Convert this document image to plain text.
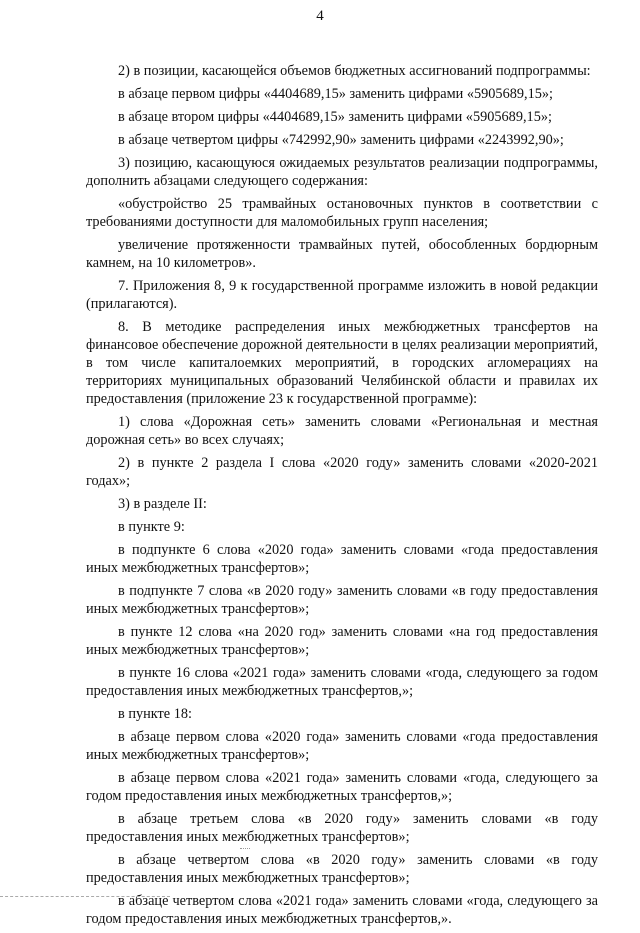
4

2) в позиции, касающейся объемов бюджетных ассигнований подпрограммы:

в абзаце первом цифры «4404689,15» заменить цифрами «5905689,15»;

в абзаце втором цифры «4404689,15» заменить цифрами «5905689,15»;

в абзаце четвертом цифры «742992,90» заменить цифрами «2243992,90»;

3) позицию, касающуюся ожидаемых результатов реализации подпрограммы, дополнить абзацами следующего содержания:

«обустройство 25 трамвайных остановочных пунктов в соответствии с требованиями доступности для маломобильных групп населения;

увеличение протяженности трамвайных путей, обособленных бордюрным камнем, на 10 километров».

7. Приложения 8, 9 к государственной программе изложить в новой редакции (прилагаются).

8. В методике распределения иных межбюджетных трансфертов на финансовое обеспечение дорожной деятельности в целях реализации мероприятий, в том числе капиталоемких мероприятий, в городских агломерациях на территориях муниципальных образований Челябинской области и правилах их предоставления (приложение 23 к государственной программе):

1) слова «Дорожная сеть» заменить словами «Региональная и местная дорожная сеть» во всех случаях;

2) в пункте 2 раздела I слова «2020 году» заменить словами «2020-2021 годах»;

3) в разделе II:

в пункте 9:

в подпункте 6 слова «2020 года» заменить словами «года предоставления иных межбюджетных трансфертов»;

в подпункте 7 слова «в 2020 году» заменить словами «в году предоставления иных межбюджетных трансфертов»;

в пункте 12 слова «на 2020 год» заменить словами «на год предоставления иных межбюджетных трансфертов»;

в пункте 16 слова «2021 года» заменить словами «года, следующего за годом предоставления иных межбюджетных трансфертов,»;

в пункте 18:

в абзаце первом слова «2020 года» заменить словами «года предоставления иных межбюджетных трансфертов»;

в абзаце первом слова «2021 года» заменить словами «года, следующего за годом предоставления иных межбюджетных трансфертов,»;

в абзаце третьем слова «в 2020 году» заменить словами «в году предоставления иных межбюджетных трансфертов»;

в абзаце четвертом слова «в 2020 году» заменить словами «в году предоставления иных межбюджетных трансфертов»;

в абзаце четвертом слова «2021 года» заменить словами «года, следующего за годом предоставления иных межбюджетных трансфертов,».
